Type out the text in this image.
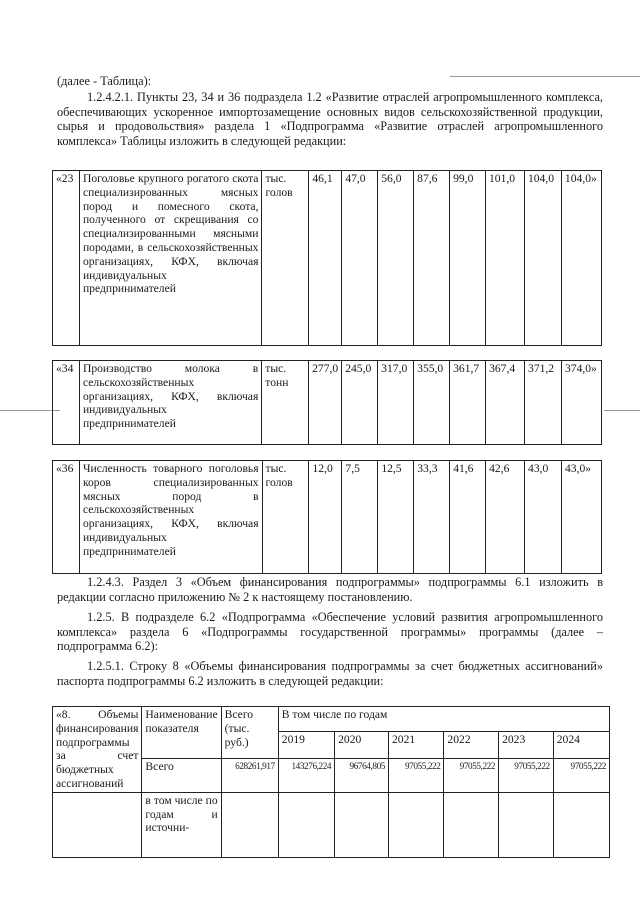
(далее - Таблица):

1.2.4.2.1. Пункты 23, 34 и 36 подраздела 1.2 «Развитие отраслей агропромышленного комплекса, обеспечивающих ускоренное импортозамещение основных видов сельскохозяйственной продукции, сырья и продовольствия» раздела 1 «Подпрограмма «Развитие отраслей агропромышленного комплекса» Таблицы изложить в следующей редакции:

«23	Поголовье крупного рогатого скота специализированных мясных пород и помесного скота, полученного от скрещивания со специализированными мясными породами, в сельскохозяйственных организациях, КФХ, включая индивидуальных предпринимателей	тыс. голов	46,1	47,0	56,0	87,6	99,0	101,0	104,0	104,0»
«34	Производство молока в сельскохозяйственных организациях, КФХ, включая индивидуальных предпринимателей	тыс. тонн	277,0	245,0	317,0	355,0	361,7	367,4	371,2	374,0»
«36	Численность товарного поголовья коров специализированных мясных пород в сельскохозяйственных организациях, КФХ, включая индивидуальных предпринимателей	тыс. голов	12,0	7,5	12,5	33,3	41,6	42,6	43,0	43,0»

1.2.4.3. Раздел 3 «Объем финансирования подпрограммы» подпрограммы 6.1 изложить в редакции согласно приложению № 2 к настоящему постановлению.

1.2.5. В подразделе 6.2 «Подпрограмма «Обеспечение условий развития агропромышленного комплекса» раздела 6 «Подпрограммы государственной программы» программы (далее – подпрограмма 6.2):

1.2.5.1. Строку 8 «Объемы финансирования подпрограммы за счет бюджетных ассигнований» паспорта подпрограммы 6.2 изложить в следующей редакции:

«8. Объемы финансирования подпрограммы за счет бюджетных ассигнований	Наименование показателя	Всего (тыс. руб.)	В том числе по годам					
			2019	2020	2021	2022	2023	2024
	Всего	628261,917	143276,224	96764,805	97055,222	97055,222	97055,222	97055,222
	в том числе по годам и источни-							
